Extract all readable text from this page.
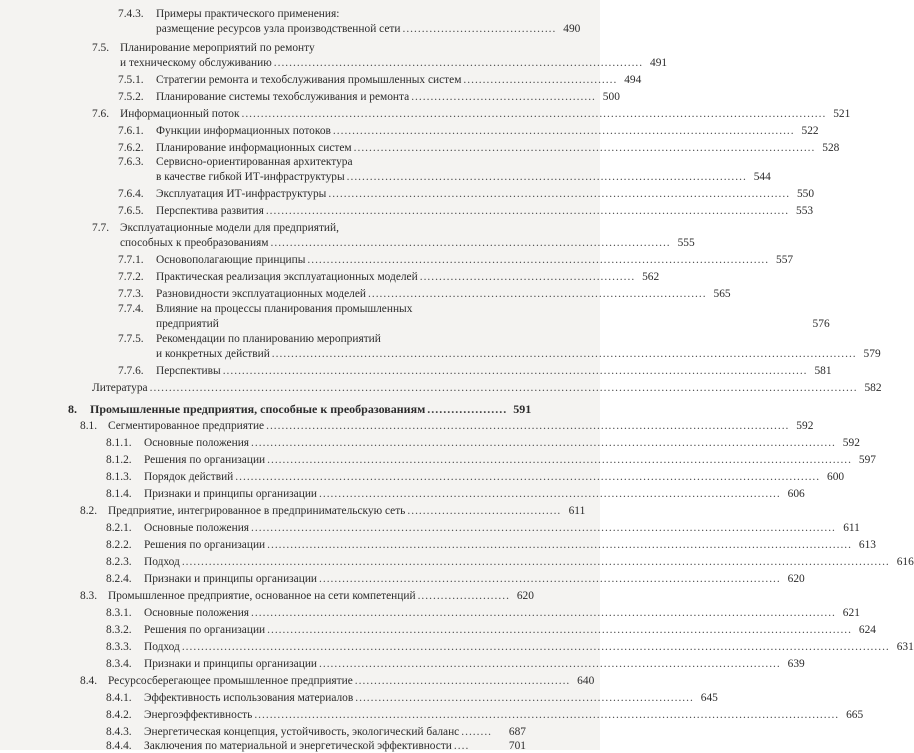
7.4.3.	Примеры практического применения:
размещение ресурсов узла производственной сети ........................................ 490
7.5. Планирование мероприятий по ремонту
и техническому обслуживанию ................................................................................................ 491
7.5.1.	Стратегии ремонта и техобслуживания промышленных систем ........................................ 494
7.5.2.	Планирование системы техобслуживания и ремонта ................................................ 500
7.6. Информационный поток ........................................................................................................................................................ 521
7.6.1.	Функции информационных потоков ........................................................................................................................ 522
7.6.2.	Планирование информационных систем ........................................................................................................................ 528
7.6.3.	Сервисно-ориентированная архитектура
в качестве гибкой ИТ-инфраструктуры ........................................................................................................ 544
7.6.4.	Эксплуатация ИТ-инфраструктуры ........................................................................................................................ 550
7.6.5.	Перспектива развития ........................................................................................................................................ 553
7.7. Эксплуатационные модели для предприятий,
способных к преобразованиям ........................................................................................................ 555
7.7.1.	Основополагающие принципы ........................................................................................................................ 557
7.7.2.	Практическая реализация эксплуатационных моделей ........................................................ 562
7.7.3.	Разновидности эксплуатационных моделей ........................................................................................ 565
7.7.4.	Влияние на процессы планирования промышленных
предприятий	576
7.7.5.	Рекомендации по планированию мероприятий
и конкретных действий ........................................................................................................................................................ 579
7.7.6.	Перспективы ........................................................................................................................................................ 581
Литература ........................................................................................................................................................................................ 582
8.	Промышленные предприятия, способные к преобразованиям .................... 591
8.1. Сегментированное предприятие ........................................................................................................................................ 592
8.1.1.	Основные положения ........................................................................................................................................................ 592
8.1.2.	Решения по организации ........................................................................................................................................................ 597
8.1.3.	Порядок действий ........................................................................................................................................................ 600
8.1.4.	Признаки и принципы организации ........................................................................................................................ 606
8.2. Предприятие, интегрированное в предпринимательскую сеть ........................................ 611
8.2.1.	Основные положения ........................................................................................................................................................ 611
8.2.2.	Решения по организации ........................................................................................................................................................ 613
8.2.3.	Подход ........................................................................................................................................................................................ 616
8.2.4.	Признаки и принципы организации ........................................................................................................................ 620
8.3. Промышленное предприятие, основанное на сети компетенций ........................ 620
8.3.1.	Основные положения ........................................................................................................................................................ 621
8.3.2.	Решения по организации ........................................................................................................................................................ 624
8.3.3.	Подход ........................................................................................................................................................................................ 631
8.3.4.	Признаки и принципы организации ........................................................................................................................ 639
8.4. Ресурсосберегающее промышленное предприятие ........................................................ 640
8.4.1.	Эффективность использования материалов ........................................................................................ 645
8.4.2.	Энергоэффективность ........................................................................................................................................................ 665
8.4.3.	Энергетическая концепция, устойчивость, экологический баланс ........	687
8.4.4.	Заключения по материальной и энергетической эффективности ....	701
